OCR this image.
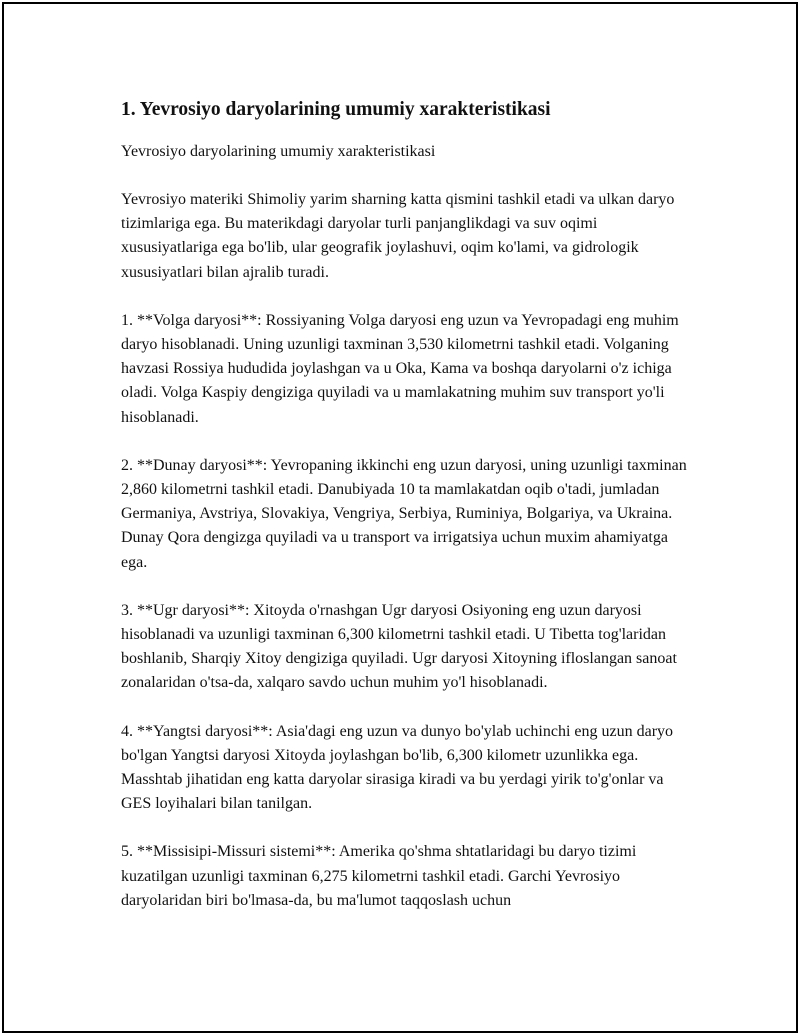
1. Yevrosiyo daryolarining umumiy xarakteristikasi
Yevrosiyo daryolarining umumiy xarakteristikasi
Yevrosiyo materiki Shimoliy yarim sharning katta qismini tashkil etadi va ulkan daryo tizimlariga ega. Bu materikdagi daryolar turli panjanglikdagi va suv oqimi xususiyatlariga ega bo'lib, ular geografik joylashuvi, oqim ko'lami, va gidrologik xususiyatlari bilan ajralib turadi.
1. **Volga daryosi**: Rossiyaning Volga daryosi eng uzun va Yevropadagi eng muhim daryo hisoblanadi. Uning uzunligi taxminan 3,530 kilometrni tashkil etadi. Volganing havzasi Rossiya hududida joylashgan va u Oka, Kama va boshqa daryolarni o'z ichiga oladi. Volga Kaspiy dengiziga quyiladi va u mamlakatning muhim suv transport yo'li hisoblanadi.
2. **Dunay daryosi**: Yevropaning ikkinchi eng uzun daryosi, uning uzunligi taxminan 2,860 kilometrni tashkil etadi. Danubiyada 10 ta mamlakatdan oqib o'tadi, jumladan Germaniya, Avstriya, Slovakiya, Vengriya, Serbiya, Ruminiya, Bolgariya, va Ukraina. Dunay Qora dengizga quyiladi va u transport va irrigatsiya uchun muxim ahamiyatga ega.
3. **Ugr daryosi**: Xitoyda o'rnashgan Ugr daryosi Osiyoning eng uzun daryosi hisoblanadi va uzunligi taxminan 6,300 kilometrni tashkil etadi. U Tibetta tog'laridan boshlanib, Sharqiy Xitoy dengiziga quyiladi. Ugr daryosi Xitoyning ifloslangan sanoat zonalaridan o'tsa-da, xalqaro savdo uchun muhim yo'l hisoblanadi.
4. **Yangtsi daryosi**: Asia'dagi eng uzun va dunyo bo'ylab uchinchi eng uzun daryo bo'lgan Yangtsi daryosi Xitoyda joylashgan bo'lib, 6,300 kilometr uzunlikka ega. Masshtab jihatidan eng katta daryolar sirasiga kiradi va bu yerdagi yirik to'g'onlar va GES loyihalari bilan tanilgan.
5. **Missisipi-Missuri sistemi**: Amerika qo'shma shtatlaridagi bu daryo tizimi kuzatilgan uzunligi taxminan 6,275 kilometrni tashkil etadi. Garchi Yevrosiyo daryolaridan biri bo'lmasa-da, bu ma'lumot taqqoslash uchun
